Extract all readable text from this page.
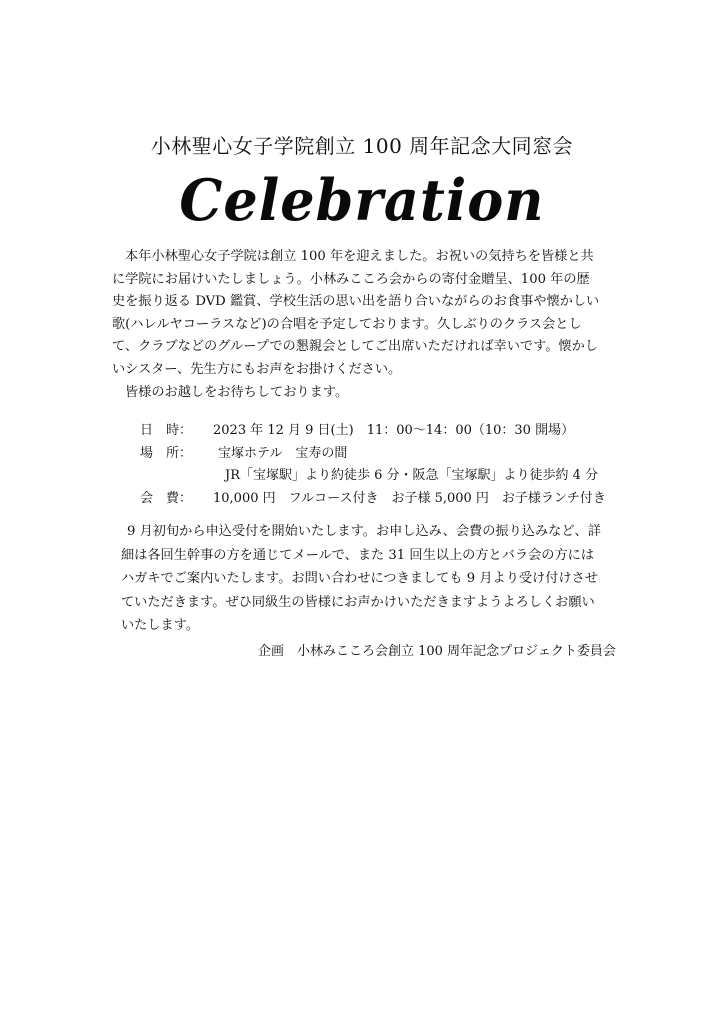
小林聖心女子学院創立 100 周年記念大同窓会
Celebration

本年小林聖心女子学院は創立 100 年を迎えました。お祝いの気持ちを皆様と共に学院にお届けいたしましょう。小林みこころ会からの寄付金贈呈、100 年の歴史を振り返る DVD 鑑賞、学校生活の思い出を語り合いながらのお食事や懐かしい歌(ハレルヤコーラスなど)の合唱を予定しております。久しぶりのクラス会として、クラブなどのグループでの懇親会としてご出席いただければ幸いです。懐かしいシスター、先生方にもお声をお掛けください。

皆様のお越しをお待ちしております。

日　時：	2023 年 12 月 9 日(土)　11：00〜14：00（10：30 開場）
場　所：	宝塚ホテル　宝寿の間
JR「宝塚駅」より約徒歩 6 分・阪急「宝塚駅」より徒歩約 4 分
会　費：	10,000 円　フルコース付き　お子様 5,000 円　お子様ランチ付き

9 月初旬から申込受付を開始いたします。お申し込み、会費の振り込みなど、詳細は各回生幹事の方を通じてメールで、また 31 回生以上の方とバラ会の方にはハガキでご案内いたします。お問い合わせにつきましても 9 月より受け付けさせていただきます。ぜひ同級生の皆様にお声かけいただきますようよろしくお願いいたします。

企画　小林みこころ会創立 100 周年記念プロジェクト委員会
